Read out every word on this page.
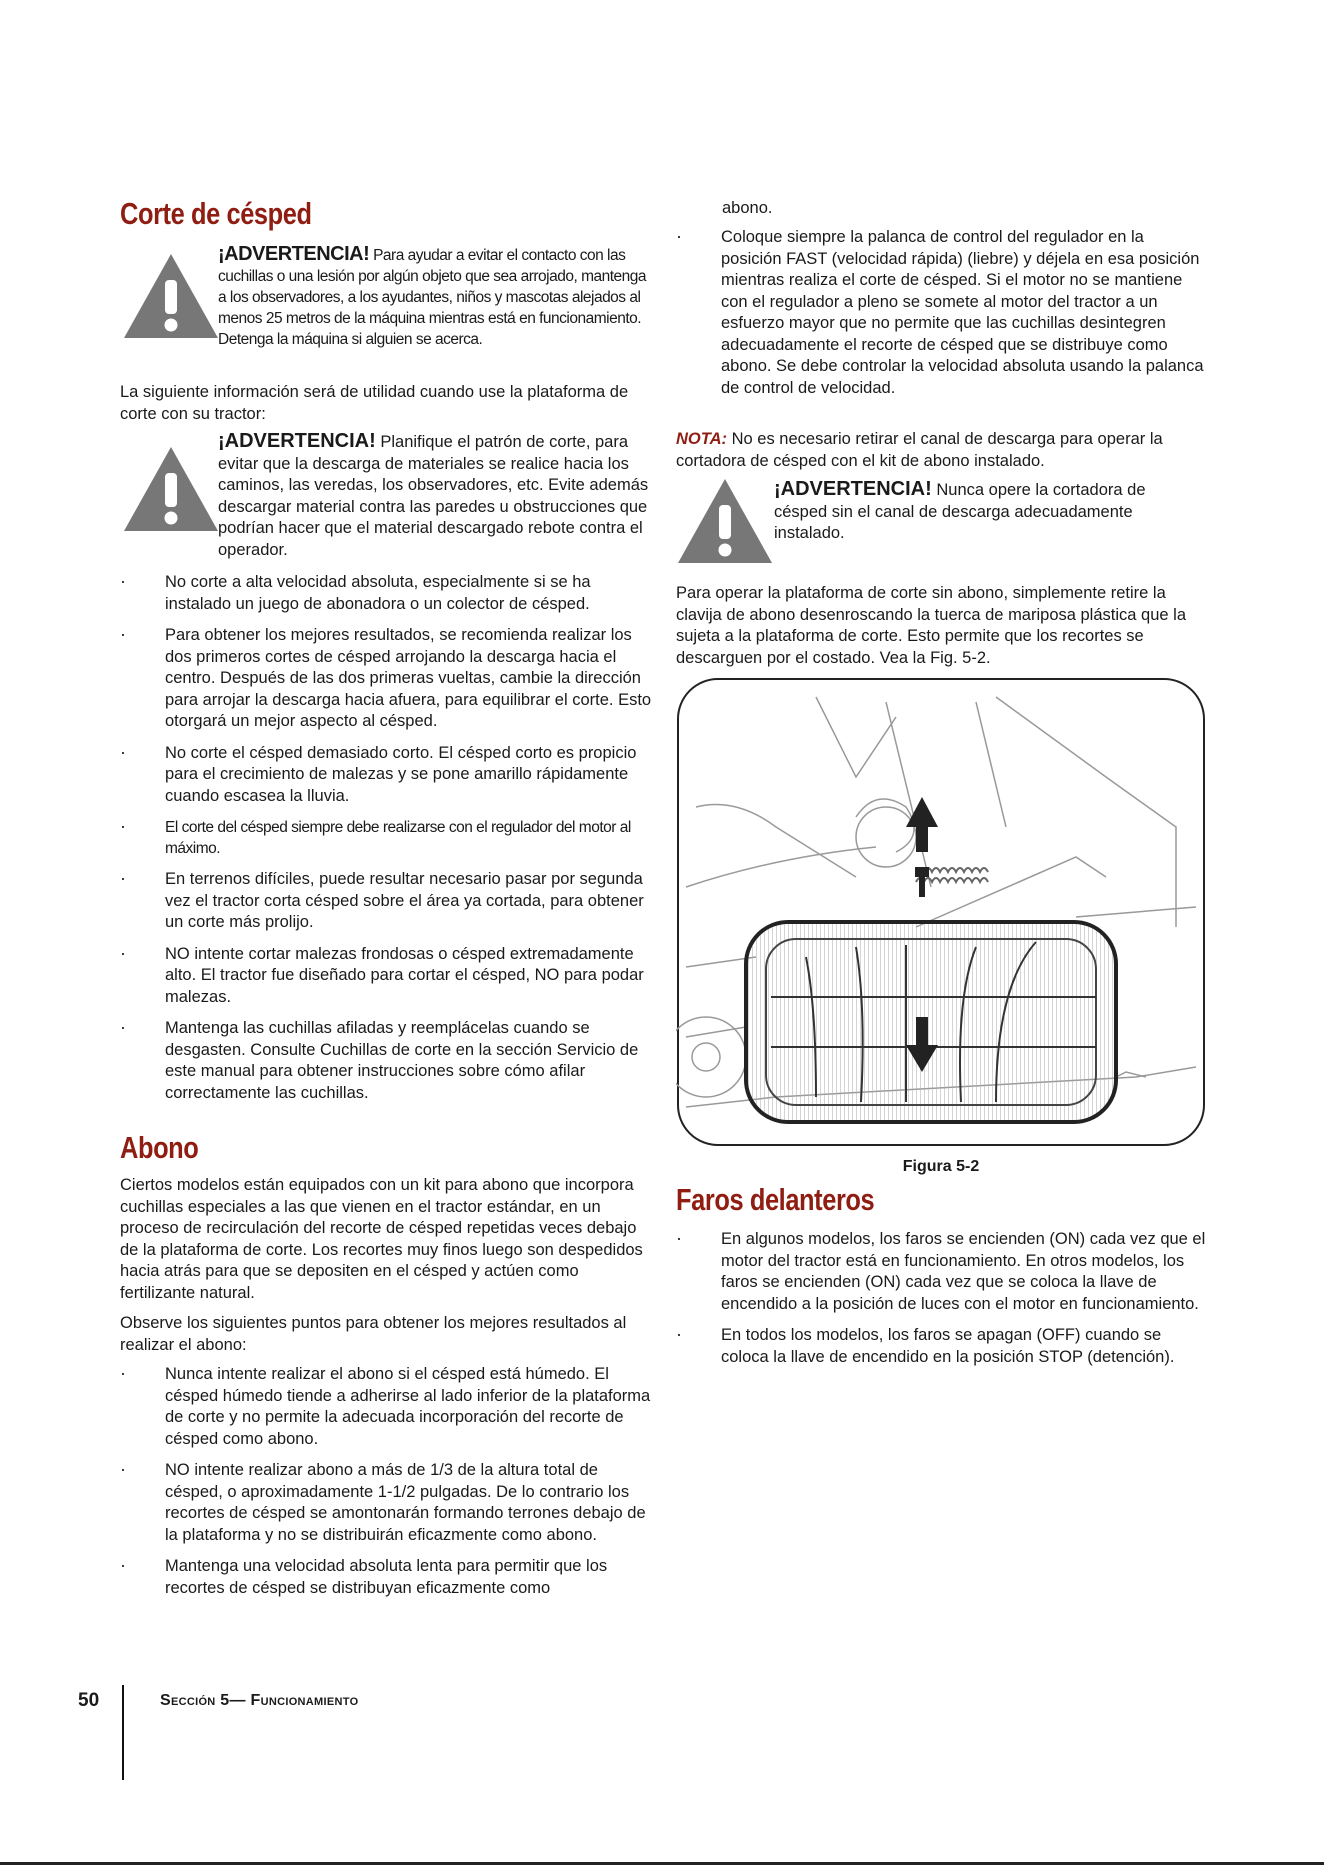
Corte de césped
¡ADVERTENCIA! Para ayudar a evitar el contacto con las cuchillas o una lesión por algún objeto que sea arrojado, mantenga a los observadores, a los ayudantes, niños y mascotas alejados al menos 25 metros de la máquina mientras está en funcionamiento. Detenga la máquina si alguien se acerca.

La siguiente información será de utilidad cuando use la plataforma de corte con su tractor:

¡ADVERTENCIA! Planifique el patrón de corte, para evitar que la descarga de materiales se realice hacia los caminos, las veredas, los observadores, etc. Evite además descargar material contra las paredes u obstrucciones que podrían hacer que el material descargado rebote contra el operador.
· No corte a alta velocidad absoluta, especialmente si se ha instalado un juego de abonadora o un colector de césped.
· Para obtener los mejores resultados, se recomienda realizar los dos primeros cortes de césped arrojando la descarga hacia el centro. Después de las dos primeras vueltas, cambie la dirección para arrojar la descarga hacia afuera, para equilibrar el corte. Esto otorgará un mejor aspecto al césped.
· No corte el césped demasiado corto. El césped corto es propicio para el crecimiento de malezas y se pone amarillo rápidamente cuando escasea la lluvia.
· El corte del césped siempre debe realizarse con el regulador del motor al máximo.
· En terrenos difíciles, puede resultar necesario pasar por segunda vez el tractor corta césped sobre el área ya cortada, para obtener un corte más prolijo.
· NO intente cortar malezas frondosas o césped extremadamente alto. El tractor fue diseñado para cortar el césped, NO para podar malezas.
· Mantenga las cuchillas afiladas y reemplácelas cuando se desgasten. Consulte Cuchillas de corte en la sección Servicio de este manual para obtener instrucciones sobre cómo afilar correctamente las cuchillas.
Abono

Ciertos modelos están equipados con un kit para abono que incorpora cuchillas especiales a las que vienen en el tractor estándar, en un proceso de recirculación del recorte de césped repetidas veces debajo de la plataforma de corte. Los recortes muy finos luego son despedidos hacia atrás para que se depositen en el césped y actúen como fertilizante natural.

Observe los siguientes puntos para obtener los mejores resultados al realizar el abono:

· Nunca intente realizar el abono si el césped está húmedo. El césped húmedo tiende a adherirse al lado inferior de la plataforma de corte y no permite la adecuada incorporación del recorte de césped como abono.
· NO intente realizar abono a más de 1/3 de la altura total de césped, o aproximadamente 1-1/2 pulgadas. De lo contrario los recortes de césped se amontonarán formando terrones debajo de la plataforma y no se distribuirán eficazmente como abono.
· Mantenga una velocidad absoluta lenta para permitir que los recortes de césped se distribuyan eficazmente como

abono.

· Coloque siempre la palanca de control del regulador en la posición FAST (velocidad rápida) (liebre) y déjela en esa posición mientras realiza el corte de césped. Si el motor no se mantiene con el regulador a pleno se somete al motor del tractor a un esfuerzo mayor que no permite que las cuchillas desintegren adecuadamente el recorte de césped que se distribuye como abono. Se debe controlar la velocidad absoluta usando la palanca de control de velocidad.

NOTA: No es necesario retirar el canal de descarga para operar la cortadora de césped con el kit de abono instalado.

¡ADVERTENCIA! Nunca opere la cortadora de césped sin el canal de descarga adecuadamente instalado.

Para operar la plataforma de corte sin abono, simplemente retire la clavija de abono desenroscando la tuerca de mariposa plástica que la sujeta a la plataforma de corte. Esto permite que los recortes se descarguen por el costado. Vea la Fig. 5-2.

Figura 5-2
Faros delanteros
· En algunos modelos, los faros se encienden (ON) cada vez que el motor del tractor está en funcionamiento. En otros modelos, los faros se encienden (ON) cada vez que se coloca la llave de encendido a la posición de luces con el motor en funcionamiento.
· En todos los modelos, los faros se apagan (OFF) cuando se coloca la llave de encendido en la posición STOP (detención).
50	Sección 5— Funcionamiento
